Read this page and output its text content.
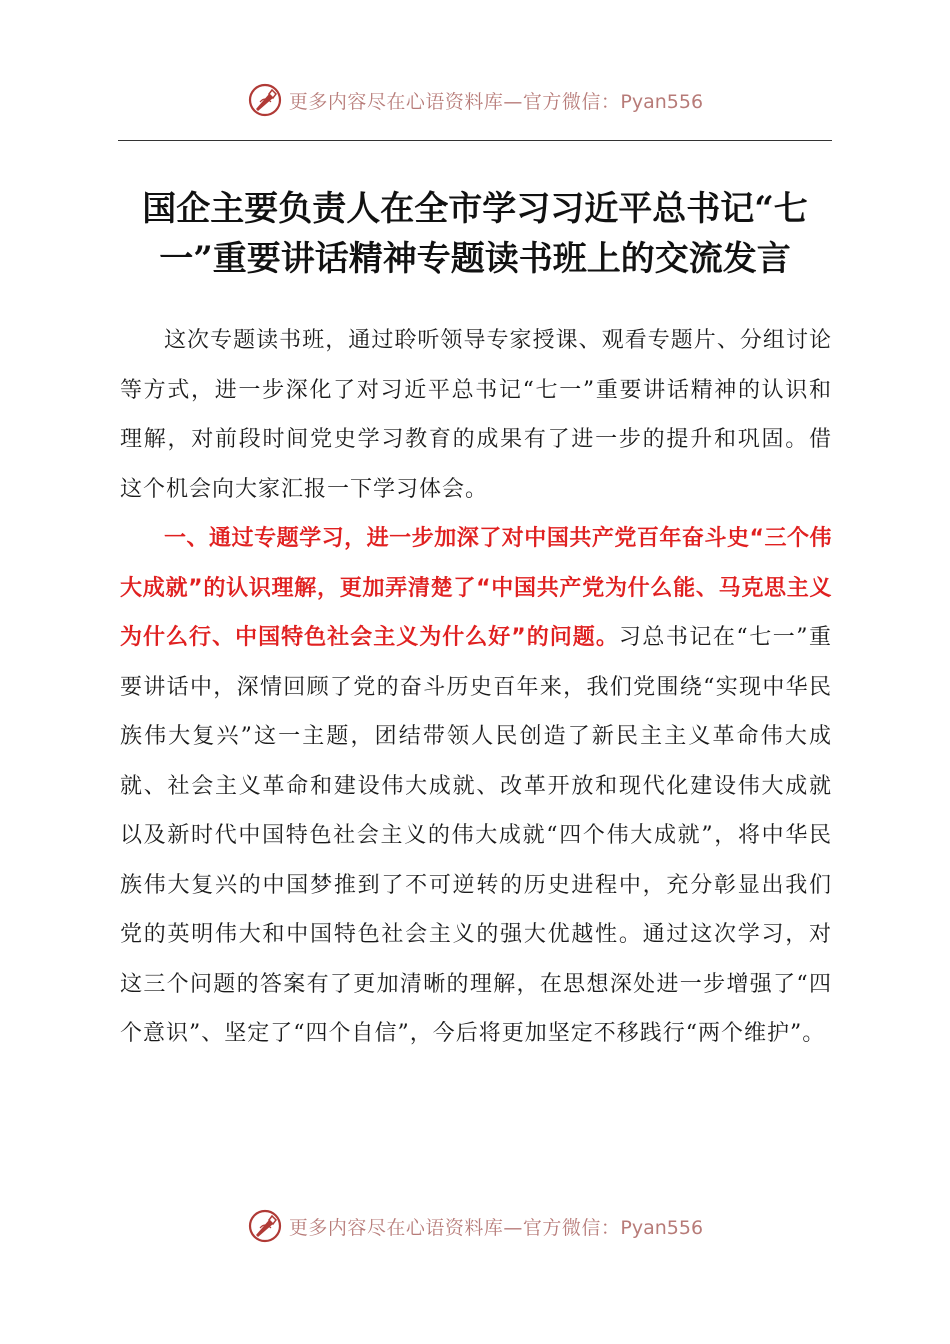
更多内容尽在心语资料库—官方微信：Pyan556
国企主要负责人在全市学习习近平总书记“七一”重要讲话精神专题读书班上的交流发言

这次专题读书班，通过聆听领导专家授课、观看专题片、分组讨论等方式，进一步深化了对习近平总书记“七一”重要讲话精神的认识和理解，对前段时间党史学习教育的成果有了进一步的提升和巩固。借这个机会向大家汇报一下学习体会。

一、通过专题学习，进一步加深了对中国共产党百年奋斗史“三个伟大成就”的认识理解，更加弄清楚了“中国共产党为什么能、马克思主义为什么行、中国特色社会主义为什么好”的问题。习总书记在“七一”重要讲话中，深情回顾了党的奋斗历史百年来，我们党围绕“实现中华民族伟大复兴”这一主题，团结带领人民创造了新民主主义革命伟大成就、社会主义革命和建设伟大成就、改革开放和现代化建设伟大成就以及新时代中国特色社会主义的伟大成就“四个伟大成就”，将中华民族伟大复兴的中国梦推到了不可逆转的历史进程中，充分彰显出我们党的英明伟大和中国特色社会主义的强大优越性。通过这次学习，对这三个问题的答案有了更加清晰的理解，在思想深处进一步增强了“四个意识”、坚定了“四个自信”，今后将更加坚定不移践行“两个维护”。

更多内容尽在心语资料库—官方微信：Pyan556
